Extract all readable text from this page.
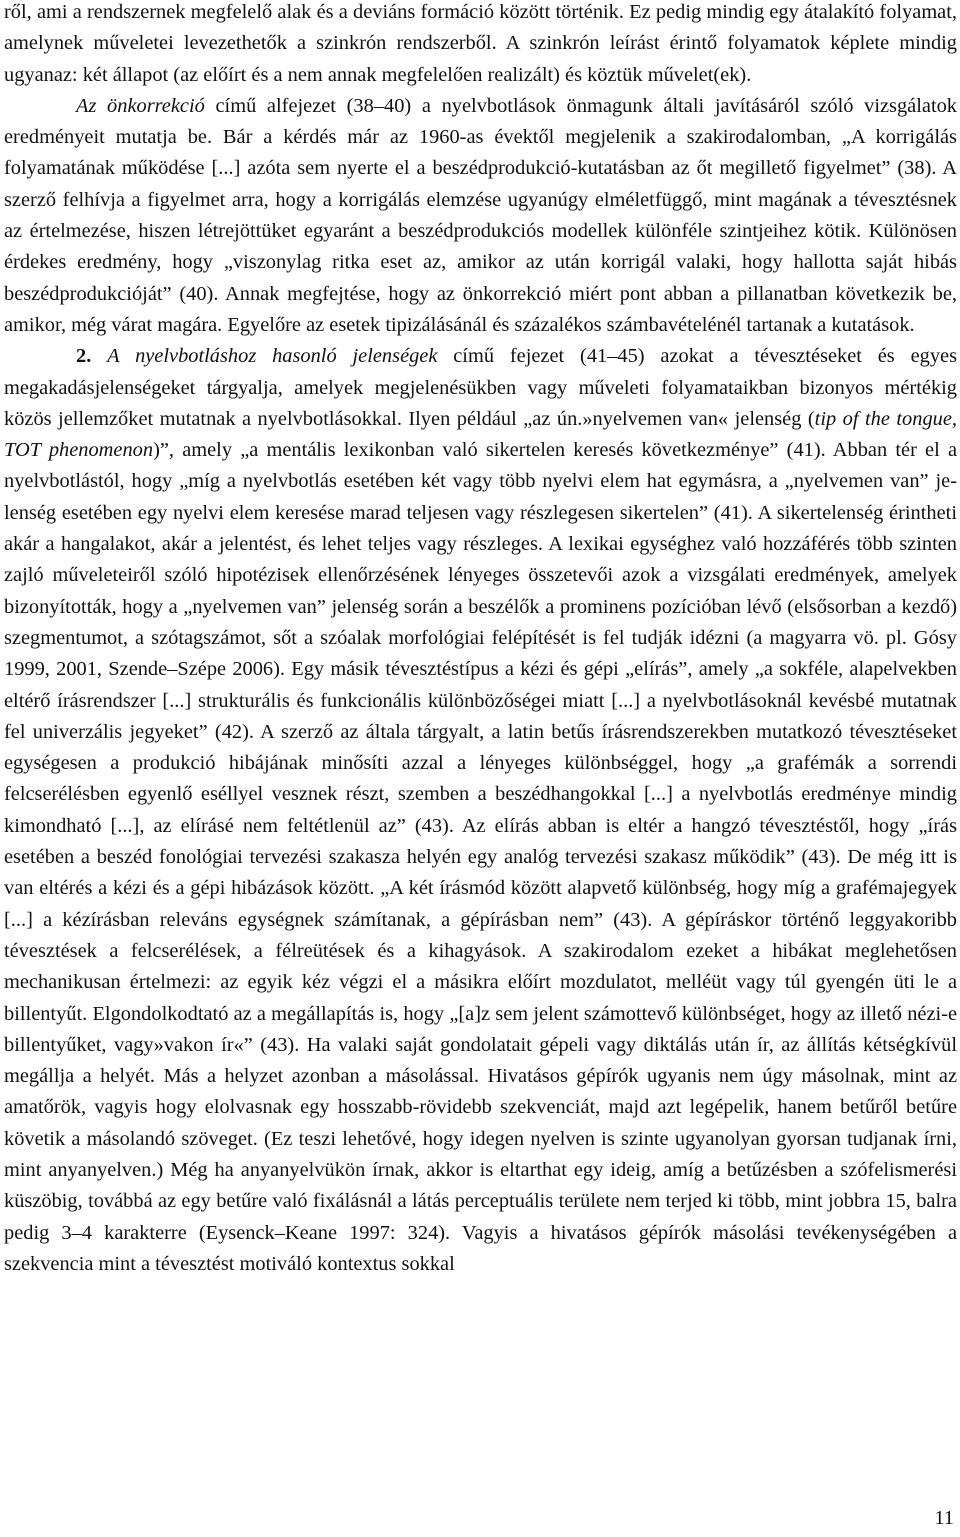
ről, ami a rendszernek megfelelő alak és a deviáns formáció között történik. Ez pedig mindig egy átalakító folyamat, amelynek műveletei levezethetők a szinkrón rendszerből. A szinkrón leírást érintő folyamatok képlete mindig ugyanaz: két állapot (az előírt és a nem annak megfelelően realizált) és köztük művelet(ek).

Az önkorrekció című alfejezet (38–40) a nyelvbotlások önmagunk általi javításáról szóló vizsgálatok eredményeit mutatja be. Bár a kérdés már az 1960-as évektől megjelenik a szakirodalomban, „A korrigálás folyamatának működése [...] azóta sem nyerte el a beszédprodukció-kutatásban az őt megillető figyelmet” (38). A szerző felhívja a figyelmet arra, hogy a korrigálás elemzése ugyanúgy elméletfüggő, mint magának a tévesztésnek az értelmezése, hiszen létrejöttüket egyaránt a beszédprodukciós modellek különféle szintjeihez kötik. Különösen érdekes eredmény, hogy „viszonylag ritka eset az, amikor az után korrigál valaki, hogy hallotta saját hibás beszédprodukcióját” (40). Annak megfejtése, hogy az önkorrekció miért pont abban a pillanatban következik be, amikor, még várat magára. Egyelőre az esetek tipizálásánál és százalékos számbavételénél tartanak a kutatások.

2. A nyelvbotláshoz hasonló jelenségek című fejezet (41–45) azokat a tévesztéseket és egyes megakadásjelenségeket tárgyalja, amelyek megjelenésükben vagy műveleti folyamataikban bizonyos mértékig közös jellemzőket mutatnak a nyelvbotlásokkal. Ilyen például „az ún.»nyelvemen van« jelenség (tip of the tongue, TOT phenomenon)”, amely „a mentális lexikonban való sikertelen keresés következménye” (41). Abban tér el a nyelvbotlástól, hogy „míg a nyelvbotlás esetében két vagy több nyelvi elem hat egymásra, a „nyelvemen van” jelenség esetében egy nyelvi elem keresése marad teljesen vagy részlegesen sikertelen” (41). A sikertelenség érintheti akár a hangalakot, akár a jelentést, és lehet teljes vagy részleges. A lexikai egységhez való hozzáférés több szinten zajló műveleteiről szóló hipotézisek ellenőrzésének lényeges összetevői azok a vizsgálati eredmények, amelyek bizonyították, hogy a „nyelvemen van” jelenség során a beszélők a prominens pozícióban lévő (elsősorban a kezdő) szegmentumot, a szótagszámot, sőt a szóalak morfológiai felépítését is fel tudják idézni (a magyarra vö. pl. Gósy 1999, 2001, Szende–Szépe 2006). Egy másik tévesztéstípus a kézi és gépi „elírás”, amely „a sokféle, alapelvekben eltérő írásrendszer [...] strukturális és funkcionális különbözőségei miatt [...] a nyelvbotlásoknál kevésbé mutatnak fel univerzális jegyeket” (42). A szerző az általa tárgyalt, a latin betűs írásrendszerekben mutatkozó tévesztéseket egységesen a produkció hibájának minősíti azzal a lényeges különbséggel, hogy „a grafémák a sorrendi felcserélésben egyenlő eséllyel vesznek részt, szemben a beszédhangokkal [...] a nyelvbotlás eredménye mindig kimondható [...], az elírásé nem feltétlenül az” (43). Az elírás abban is eltér a hangzó tévesztéstől, hogy „írás esetében a beszéd fonológiai tervezési szakasza helyén egy analóg tervezési szakasz működik” (43). De még itt is van eltérés a kézi és a gépi hibázások között. „A két írásmód között alapvető különbség, hogy míg a grafémajegyek [...] a kézírásban releváns egységnek számítanak, a gépírásban nem” (43). A gépíráskor történő leggyakoribb tévesztések a felcserélések, a félreütések és a kihagyások. A szakirodalom ezeket a hibákat meglehetősen mechanikusan értelmezi: az egyik kéz végzi el a másikra előírt mozdulatot, melléüt vagy túl gyengén üti le a billentyűt. Elgondolkodtató az a megállapítás is, hogy „[a]z sem jelent számottevő különbséget, hogy az illető nézi-e billentyűket, vagy»vakon ír«” (43). Ha valaki saját gondolatait gépeli vagy diktálás után ír, az állítás kétségkívül megállja a helyét. Más a helyzet azonban a másolással. Hivatásos gépírók ugyanis nem úgy másolnak, mint az amatőrök, vagyis hogy elolvasnak egy hosszabb-rövidebb szekvenciát, majd azt legépelik, hanem betűről betűre követik a másolandó szöveget. (Ez teszi lehetővé, hogy idegen nyelven is szinte ugyanolyan gyorsan tudjanak írni, mint anyanyelven.) Még ha anyanyelvükön írnak, akkor is eltarthat egy ideig, amíg a betűzésben a szófelismerési küszöbig, továbbá az egy betűre való fixálásnál a látás perceptuális területe nem terjed ki több, mint jobbra 15, balra pedig 3–4 karakterre (Eysenck–Keane 1997: 324). Vagyis a hivatásos gépírók másolási tevékenységében a szekvencia mint a tévesztést motiváló kontextus sokkal

11
